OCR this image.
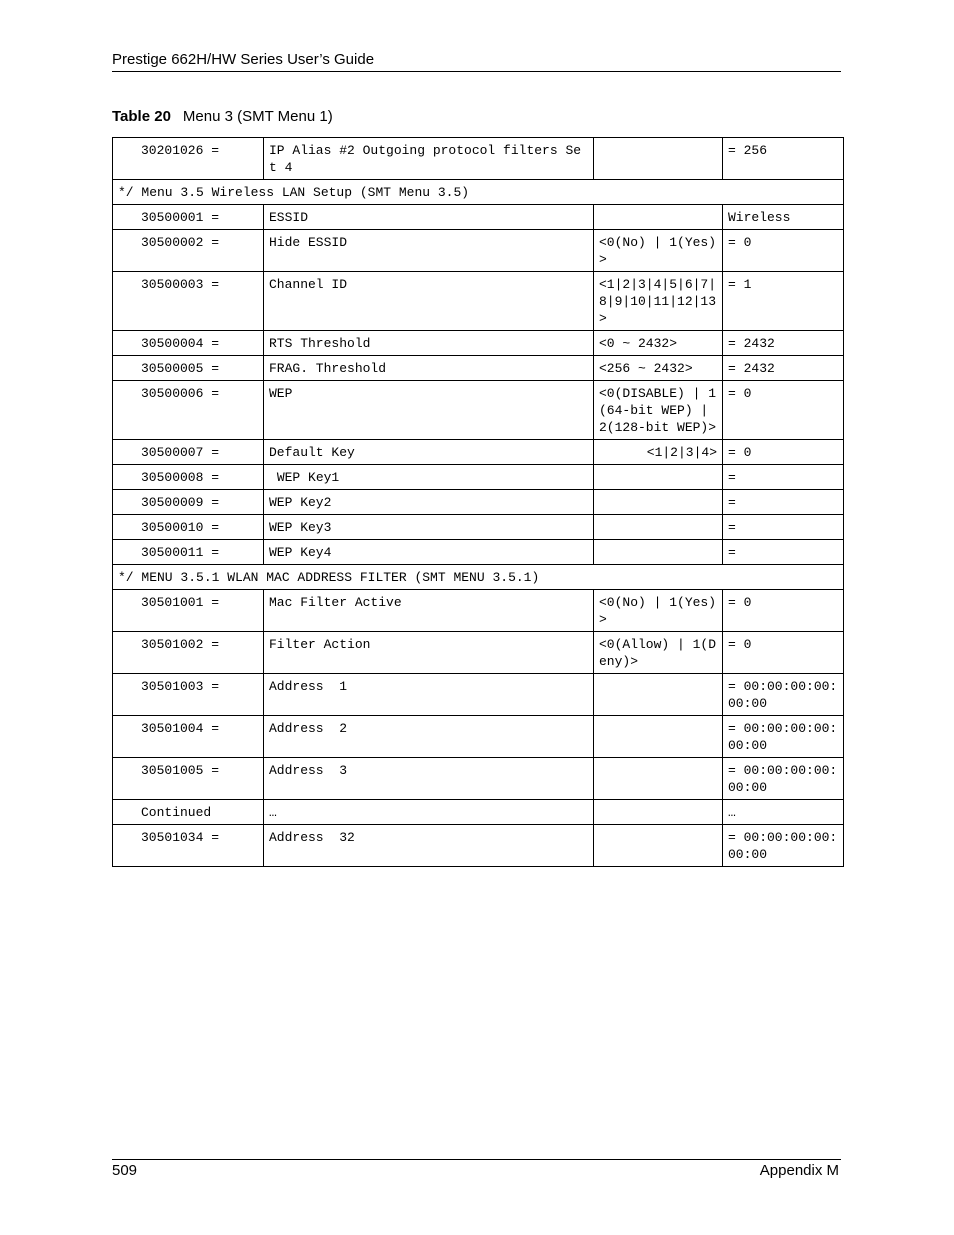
Prestige 662H/HW Series User’s Guide
Table 20 Menu 3 (SMT Menu 1)
30201026 =	IP Alias #2 Outgoing protocol filters Set 4		= 256
*/ Menu 3.5 Wireless LAN Setup (SMT Menu 3.5)			
30500001 =	ESSID		Wireless
30500002 =	Hide ESSID	<0(No) | 1(Yes)>	= 0
30500003 =	Channel ID	<1|2|3|4|5|6|7|8|9|10|11|12|13>	= 1
30500004 =	RTS Threshold	<0 ~ 2432>	= 2432
30500005 =	FRAG. Threshold	<256 ~ 2432>	= 2432
30500006 =	WEP	<0(DISABLE) | 1(64-bit WEP) | 2(128-bit WEP)>	= 0
30500007 =	Default Key	<1|2|3|4>	= 0
30500008 =	WEP Key1		=
30500009 =	WEP Key2		=
30500010 =	WEP Key3		=
30500011 =	WEP Key4		=
*/ MENU 3.5.1 WLAN MAC ADDRESS FILTER (SMT MENU 3.5.1)			
30501001 =	Mac Filter Active	<0(No) | 1(Yes)>	= 0
30501002 =	Filter Action	<0(Allow) | 1(Deny)>	= 0
30501003 =	Address  1		= 00:00:00:00:00:00
30501004 =	Address  2		= 00:00:00:00:00:00
30501005 =	Address  3		= 00:00:00:00:00:00
Continued	…		…
30501034 =	Address  32		= 00:00:00:00:00:00
509	Appendix M
